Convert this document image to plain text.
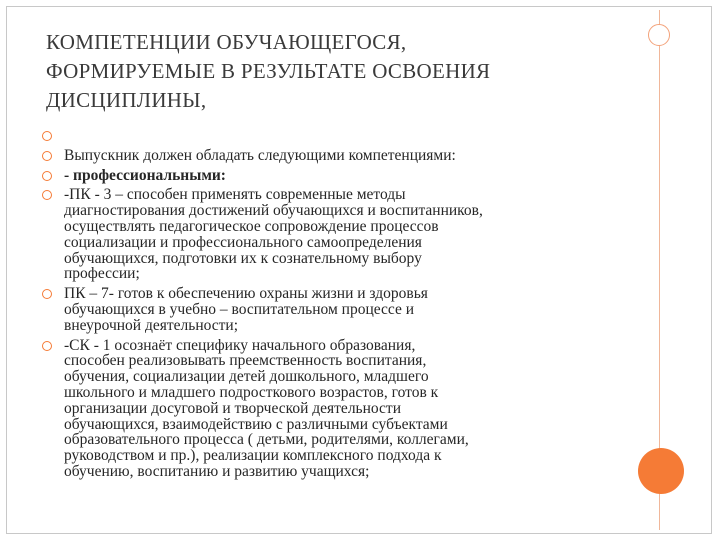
КОМПЕТЕНЦИИ ОБУЧАЮЩЕГОСЯ,
ФОРМИРУЕМЫЕ В РЕЗУЛЬТАТЕ ОСВОЕНИЯ
ДИСЦИПЛИНЫ,

Выпускник должен обладать следующими компетенциями:
- профессиональными:
-ПК - 3 – способен применять современные методы
диагностирования достижений обучающихся и воспитанников,
осуществлять педагогическое сопровождение процессов
социализации и профессионального самоопределения
обучающихся, подготовки их к сознательному выбору
профессии;
ПК – 7- готов к обеспечению охраны жизни и здоровья
обучающихся в учебно – воспитательном процессе и
внеурочной деятельности;
-СК - 1 осознаёт специфику начального образования,
способен реализовывать преемственность воспитания,
обучения, социализации детей дошкольного, младшего
школьного и младшего подросткового возрастов, готов к
организации досуговой и творческой деятельности
обучающихся, взаимодействию с различными субъектами
образовательного процесса ( детьми, родителями, коллегами,
руководством и пр.), реализации комплексного подхода к
обучению, воспитанию и развитию учащихся;
